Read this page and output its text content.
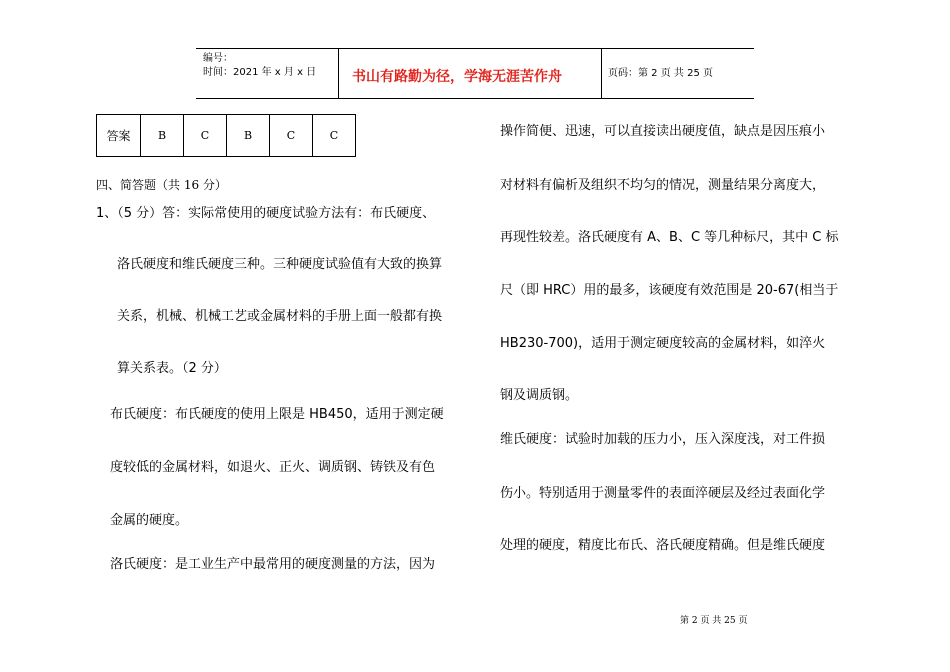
编号：
时间：2021 年 x 月 x 日	书山有路勤为径，学海无涯苦作舟	页码：第 2 页 共 25 页
答案	B	C	B	C	C
四、简答题（共 16 分）
1、（5 分）答：实际常使用的硬度试验方法有：布氏硬度、
洛氏硬度和维氏硬度三种。三种硬度试验值有大致的换算
关系，机械、机械工艺或金属材料的手册上面一般都有换
算关系表。（2 分）
布氏硬度：布氏硬度的使用上限是 HB450，适用于测定硬
度较低的金属材料，如退火、正火、调质钢、铸铁及有色
金属的硬度。
洛氏硬度：是工业生产中最常用的硬度测量的方法，因为
操作简便、迅速，可以直接读出硬度值，缺点是因压痕小
对材料有偏析及组织不均匀的情况，测量结果分离度大，
再现性较差。洛氏硬度有 A、B、C 等几种标尺，其中 C 标
尺（即 HRC）用的最多，该硬度有效范围是 20-67(相当于
HB230-700)，适用于测定硬度较高的金属材料，如淬火
钢及调质钢。
维氏硬度：试验时加载的压力小，压入深度浅，对工件损
伤小。特别适用于测量零件的表面淬硬层及经过表面化学
处理的硬度，精度比布氏、洛氏硬度精确。但是维氏硬度
第 2 页 共 25 页
